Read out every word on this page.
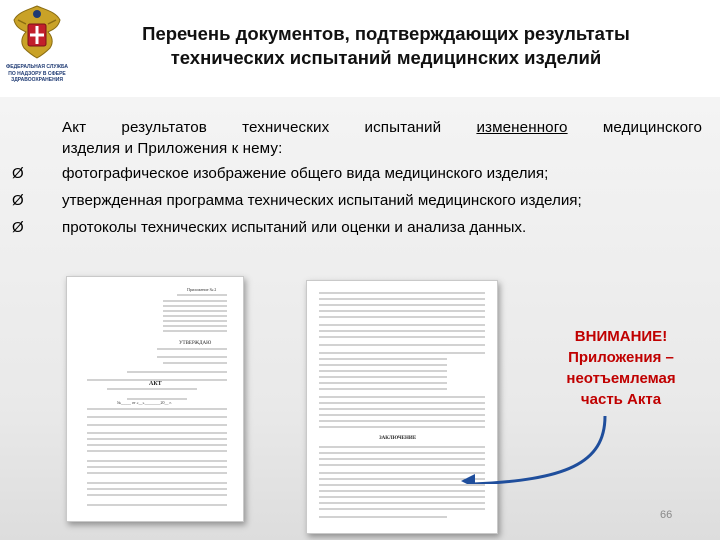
ФЕДЕРАЛЬНАЯ СЛУЖБА ПО НАДЗОРУ В СФЕРЕ ЗДРАВООХРАНЕНИЯ
Перечень документов, подтверждающих результаты
технических испытаний медицинских изделий
Акт результатов технических испытаний измененного медицинского
изделия и Приложения к нему:
Ø	фотографическое изображение общего вида медицинского изделия;
Ø	утвержденная программа технических испытаний медицинского изделия;
Ø	протоколы технических испытаний или оценки и анализа данных.
Приложение № 2
УТВЕРЖДАЮ
АКТ
№_____ от «__»________20__ г.
ЗАКЛЮЧЕНИЕ
ВНИМАНИЕ!
Приложения –
неотъемлемая
часть Акта
66
